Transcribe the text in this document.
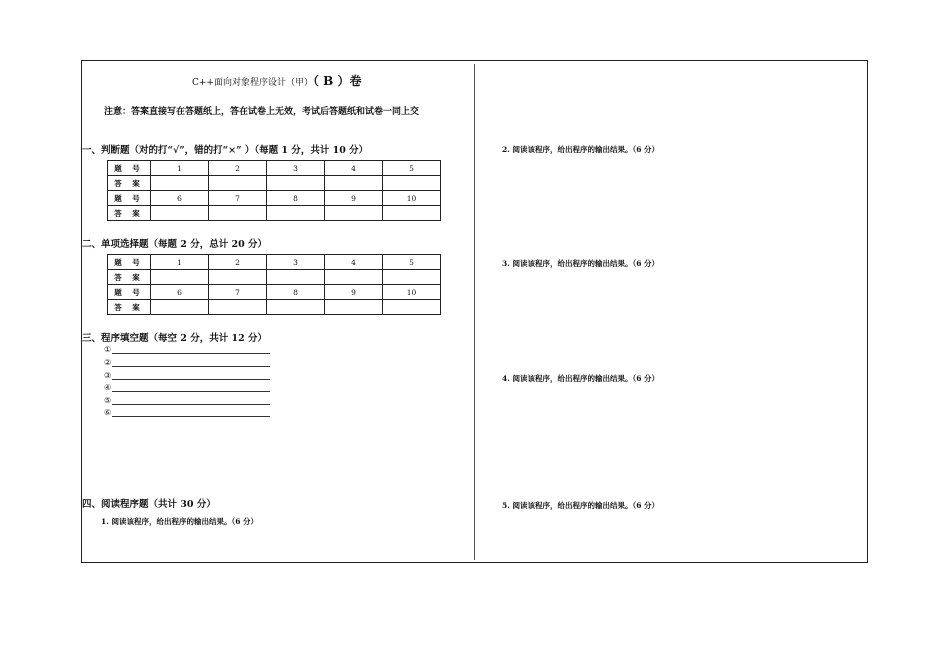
C++面向对象程序设计（甲）（ B ）卷
注意：答案直接写在答题纸上，答在试卷上无效，考试后答题纸和试卷一同上交
一、判断题（对的打“√”，错的打“×” ）（每题 1 分，共计 10 分）
题 号	1	2	3	4	5
答 案					
题 号	6	7	8	9	10
答 案					
二、单项选择题（每题 2 分，总计 20 分）
题 号	1	2	3	4	5
答 案					
题 号	6	7	8	9	10
答 案					
三、程序填空题（每空 2 分，共计 12 分）
①
②
③
④
⑤
⑥
四、阅读程序题（共计 30 分）
1. 阅读该程序，给出程序的输出结果。（6 分）
2. 阅读该程序，给出程序的输出结果。（6 分）
3. 阅读该程序，给出程序的输出结果。（6 分）
4. 阅读该程序，给出程序的输出结果。（6 分）
5. 阅读该程序，给出程序的输出结果。（6 分）
